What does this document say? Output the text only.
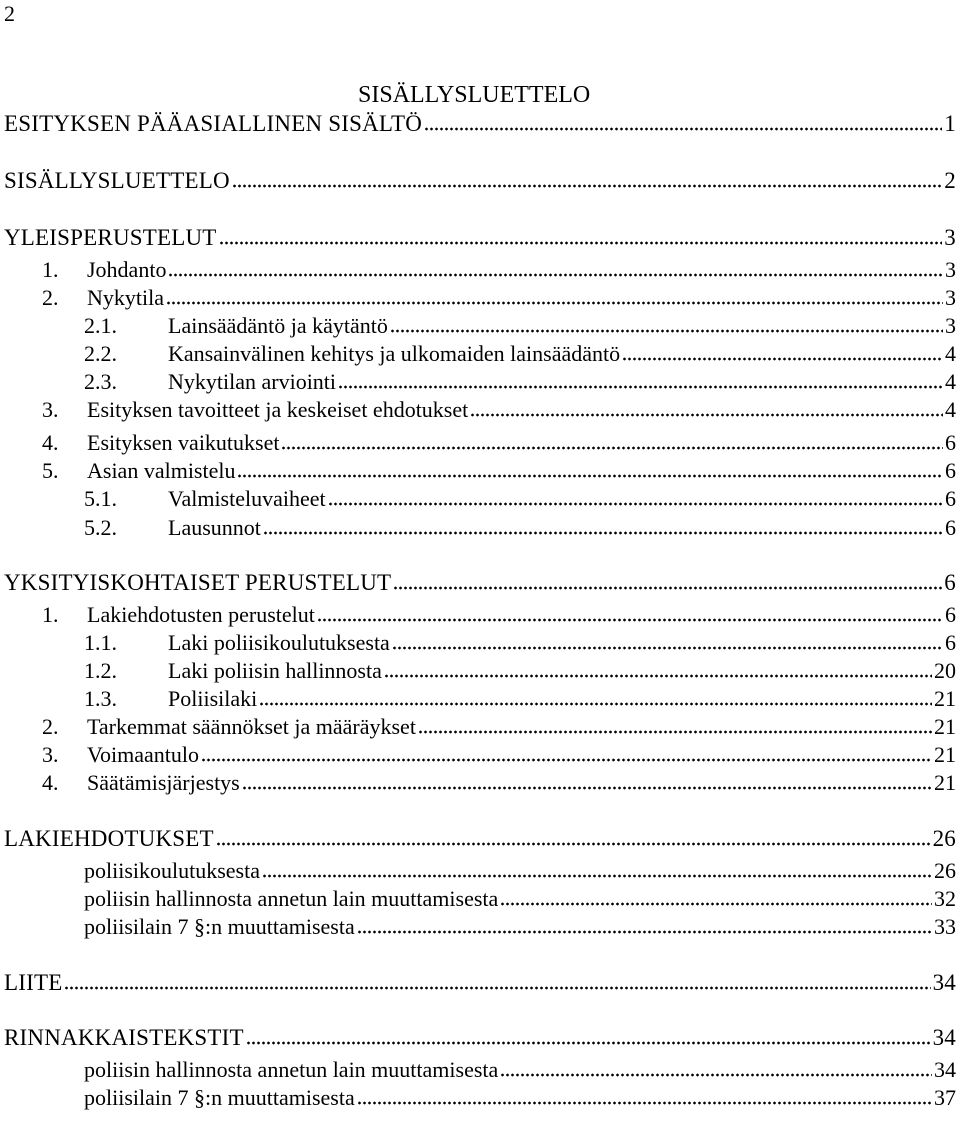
2
SISÄLLYSLUETTELO
ESITYKSEN PÄÄASIALLINEN SISÄLTÖ	1
SISÄLLYSLUETTELO	2
YLEISPERUSTELUT	3
1.	Johdanto	3
2.	Nykytila	3
2.1.	Lainsäädäntö ja käytäntö	3
2.2.	Kansainvälinen kehitys ja ulkomaiden lainsäädäntö	4
2.3.	Nykytilan arviointi	4
3.	Esityksen tavoitteet ja keskeiset ehdotukset	4
4.	Esityksen vaikutukset	6
5.	Asian valmistelu	6
5.1.	Valmisteluvaiheet	6
5.2.	Lausunnot	6
YKSITYISKOHTAISET PERUSTELUT	6
1.	Lakiehdotusten perustelut	6
1.1.	Laki poliisikoulutuksesta	6
1.2.	Laki poliisin hallinnosta	20
1.3.	Poliisilaki	21
2.	Tarkemmat säännökset ja määräykset	21
3.	Voimaantulo	21
4.	Säätämisjärjestys	21
LAKIEHDOTUKSET	26
poliisikoulutuksesta	26
poliisin hallinnosta annetun lain muuttamisesta	32
poliisilain 7 §:n muuttamisesta	33
LIITE	34
RINNAKKAISTEKSTIT	34
poliisin hallinnosta annetun lain muuttamisesta	34
poliisilain 7 §:n muuttamisesta	37
